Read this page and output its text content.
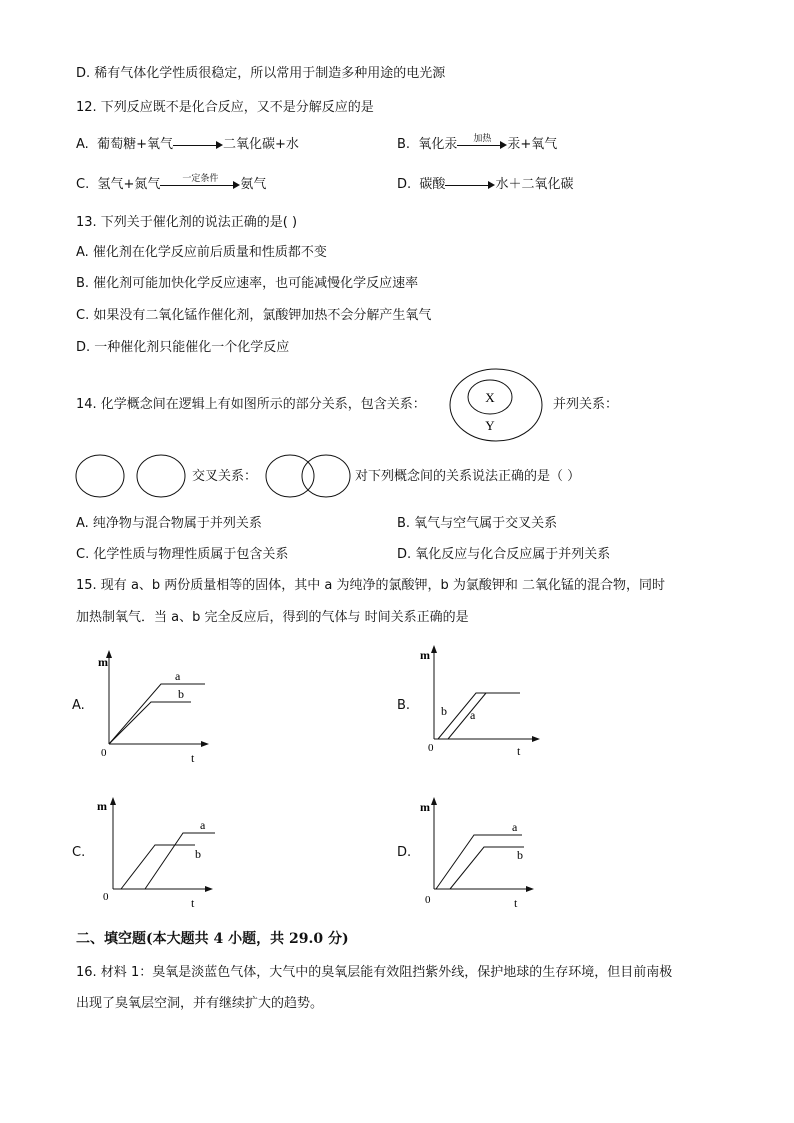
D. 稀有气体化学性质很稳定，所以常用于制造多种用途的电光源
12. 下列反应既不是化合反应，又不是分解反应的是
A. 葡萄糖+氧气	二氧化碳+水	B. 氧化汞	加热	汞+氧气
C. 氢气+氮气	一定条件	氨气	D. 碳酸	水＋二氧化碳
13. 下列关于催化剂的说法正确的是( )
A. 催化剂在化学反应前后质量和性质都不变
B. 催化剂可能加快化学反应速率，也可能减慢化学反应速率
C. 如果没有二氧化锰作催化剂，氯酸钾加热不会分解产生氧气
D. 一种催化剂只能催化一个化学反应
14. 化学概念间在逻辑上有如图所示的部分关系，包含关系：	X
Y
并列关系：
交叉关系：	对下列概念间的关系说法正确的是（ ）
A. 纯净物与混合物属于并列关系	B. 氧气与空气属于交叉关系
C. 化学性质与物理性质属于包含关系	D. 氧化反应与化合反应属于并列关系
15. 现有 a、b 两份质量相等的固体，其中 a 为纯净的氯酸钾，b 为氯酸钾和 二氧化锰的混合物，同时
加热制氧气．当 a、b 完全反应后，得到的气体与 时间关系正确的是
A.
m
t
0
a
b
B.
m
t
0
a
b
C.
m
t
0
a
b	D.
m
t
0
a
b
二、填空题(本大题共 4 小题，共 29.0 分)
16. 材料 1：臭氧是淡蓝色气体，大气中的臭氧层能有效阻挡紫外线，保护地球的生存环境，但目前南极
出现了臭氧层空洞，并有继续扩大的趋势。
